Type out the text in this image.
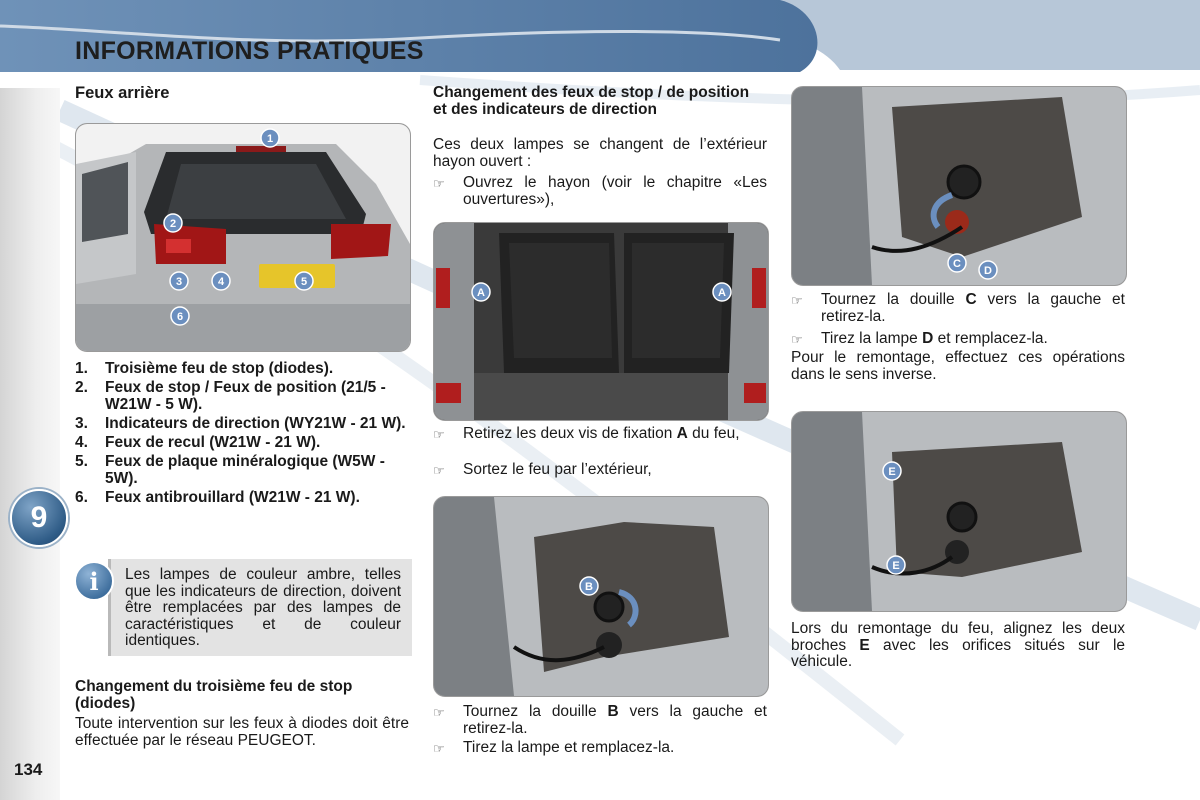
INFORMATIONS PRATIQUES
9
134
Feux arrière
1
2
3	4	5
6
1.	Troisième feu de stop (diodes).
2.	Feux de stop / Feux de position (21/5 - W21W - 5 W).
3.	Indicateurs de direction (WY21W - 21 W).
4.	Feux de recul (W21W - 21 W).
5.	Feux de plaque minéralogique (W5W - 5W).
6.	Feux antibrouillard (W21W - 21 W).
Les lampes de couleur ambre, telles que les indicateurs de direction, doivent être remplacées par des lampes de caractéristiques et de couleur identiques.
i
Changement du troisième feu de stop (diodes)
Toute intervention sur les feux à diodes doit être effectuée par le réseau PEUGEOT.
Changement des feux de stop / de position et des indicateurs de direction
Ces deux lampes se changent de l’extérieur hayon ouvert :
☞	Ouvrez le hayon (voir le chapitre «Les ouvertures»),
A	A
☞	Retirez les deux vis de fixation A du feu,
☞	Sortez le feu par l’extérieur,
B
☞	Tournez la douille B vers la gauche et retirez-la.
☞	Tirez la lampe et remplacez-la.
C
D
☞	Tournez la douille C vers la gauche et retirez-la.
☞	Tirez la lampe D et remplacez-la.
Pour le remontage, effectuez ces opérations dans le sens inverse.
E
E
Lors du remontage du feu, alignez les deux broches E avec les orifices situés sur le véhicule.
